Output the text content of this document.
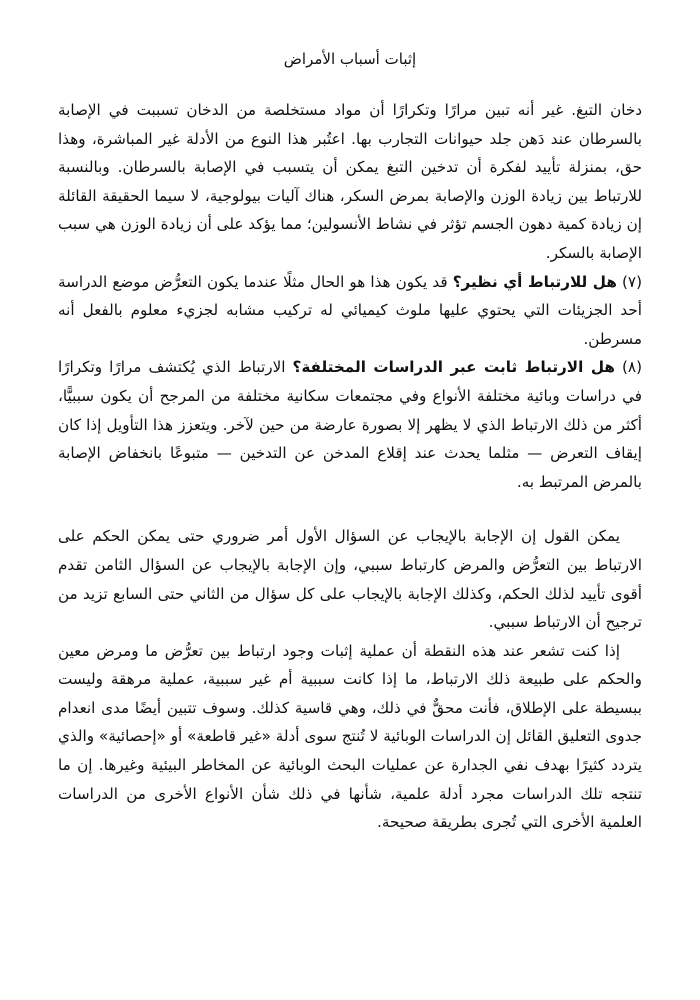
إثبات أسباب الأمراض

دخان التبغ. غير أنه تبين مرارًا وتكرارًا أن مواد مستخلصة من الدخان تسببت في الإصابة بالسرطان عند دَهن جلد حيوانات التجارب بها. اعتُبر هذا النوع من الأدلة غير المباشرة، وهذا حق، بمنزلة تأييد لفكرة أن تدخين التبغ يمكن أن يتسبب في الإصابة بالسرطان. وبالنسبة للارتباط بين زيادة الوزن والإصابة بمرض السكر، هناك آليات بيولوجية، لا سيما الحقيقة القائلة إن زيادة كمية دهون الجسم تؤثر في نشاط الأنسولين؛ مما يؤكد على أن زيادة الوزن هي سبب الإصابة بالسكر.

(٧) هل للارتباط أي نظير؟ قد يكون هذا هو الحال مثلًا عندما يكون التعرُّض موضع الدراسة أحد الجزيئات التي يحتوي عليها ملوث كيميائي له تركيب مشابه لجزيء معلوم بالفعل أنه مسرطن.

(٨) هل الارتباط ثابت عبر الدراسات المختلفة؟ الارتباط الذي يُكتشف مرارًا وتكرارًا في دراسات وبائية مختلفة الأنواع وفي مجتمعات سكانية مختلفة من المرجح أن يكون سببيًّا، أكثر من ذلك الارتباط الذي لا يظهر إلا بصورة عارضة من حين لآخر. ويتعزز هذا التأويل إذا كان إيقاف التعرض — مثلما يحدث عند إقلاع المدخن عن التدخين — متبوعًا بانخفاض الإصابة بالمرض المرتبط به.

يمكن القول إن الإجابة بالإيجاب عن السؤال الأول أمر ضروري حتى يمكن الحكم على الارتباط بين التعرُّض والمرض كارتباط سببي، وإن الإجابة بالإيجاب عن السؤال الثامن تقدم أقوى تأييد لذلك الحكم، وكذلك الإجابة بالإيجاب على كل سؤال من الثاني حتى السابع تزيد من ترجيح أن الارتباط سببي.

إذا كنت تشعر عند هذه النقطة أن عملية إثبات وجود ارتباط بين تعرُّض ما ومرض معين والحكم على طبيعة ذلك الارتباط، ما إذا كانت سببية أم غير سببية، عملية مرهقة وليست ببسيطة على الإطلاق، فأنت محقٌّ في ذلك، وهي قاسية كذلك. وسوف تتبين أيضًا مدى انعدام جدوى التعليق القائل إن الدراسات الوبائية لا تُنتج سوى أدلة «غير قاطعة» أو «إحصائية» والذي يتردد كثيرًا بهدف نفي الجدارة عن عمليات البحث الوبائية عن المخاطر البيئية وغيرها. إن ما تنتجه تلك الدراسات مجرد أدلة علمية، شأنها في ذلك شأن الأنواع الأخرى من الدراسات العلمية الأخرى التي تُجرى بطريقة صحيحة.
